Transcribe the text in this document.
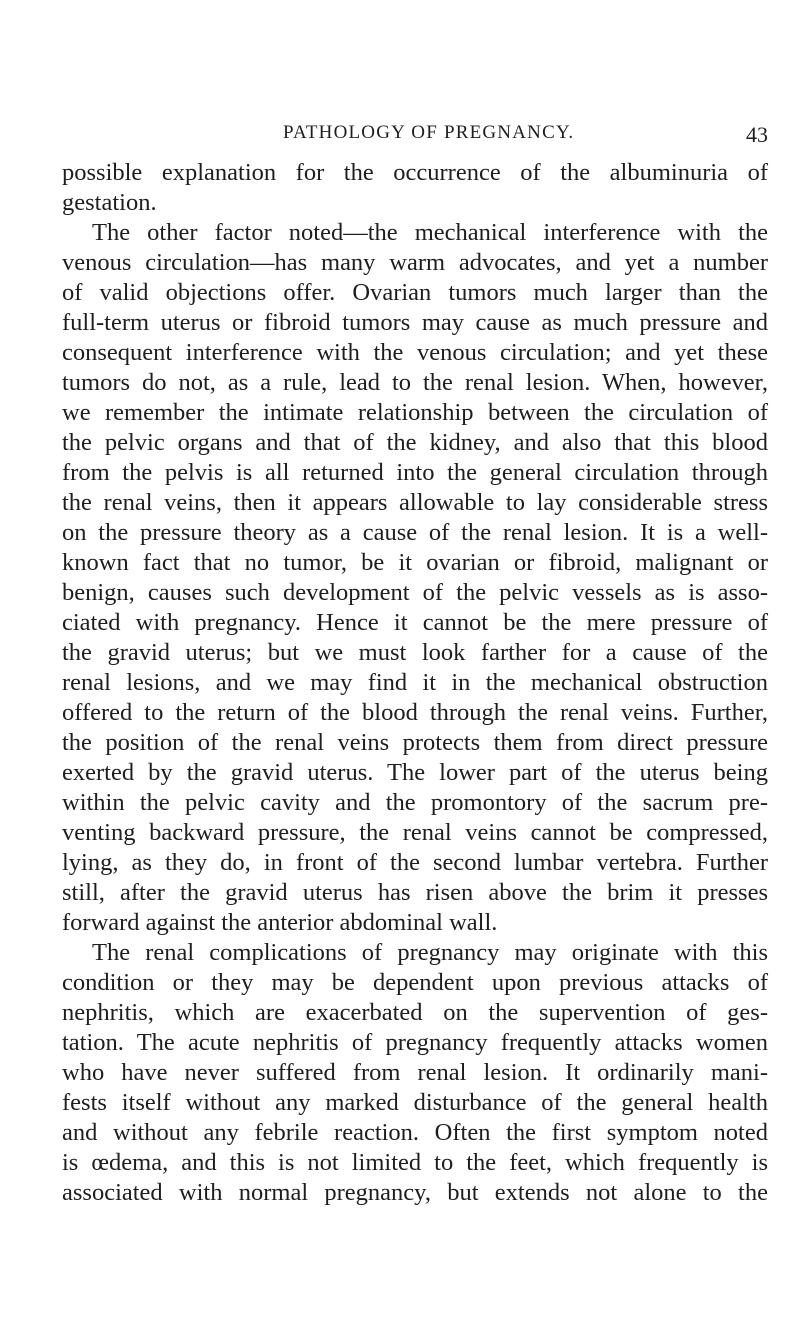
PATHOLOGY OF PREGNANCY.	43
possible explanation for the occurrence of the albuminuria of
gestation.
The other factor noted—the mechanical interference with the
venous circulation—has many warm advocates, and yet a number
of valid objections offer. Ovarian tumors much larger than the
full-term uterus or fibroid tumors may cause as much pressure and
consequent interference with the venous circulation; and yet these
tumors do not, as a rule, lead to the renal lesion. When, however,
we remember the intimate relationship between the circulation of
the pelvic organs and that of the kidney, and also that this blood
from the pelvis is all returned into the general circulation through
the renal veins, then it appears allowable to lay considerable stress
on the pressure theory as a cause of the renal lesion. It is a well-
known fact that no tumor, be it ovarian or fibroid, malignant or
benign, causes such development of the pelvic vessels as is asso-
ciated with pregnancy. Hence it cannot be the mere pressure of
the gravid uterus; but we must look farther for a cause of the
renal lesions, and we may find it in the mechanical obstruction
offered to the return of the blood through the renal veins. Further,
the position of the renal veins protects them from direct pressure
exerted by the gravid uterus. The lower part of the uterus being
within the pelvic cavity and the promontory of the sacrum pre-
venting backward pressure, the renal veins cannot be compressed,
lying, as they do, in front of the second lumbar vertebra. Further
still, after the gravid uterus has risen above the brim it presses
forward against the anterior abdominal wall.
The renal complications of pregnancy may originate with this
condition or they may be dependent upon previous attacks of
nephritis, which are exacerbated on the supervention of ges-
tation. The acute nephritis of pregnancy frequently attacks women
who have never suffered from renal lesion. It ordinarily mani-
fests itself without any marked disturbance of the general health
and without any febrile reaction. Often the first symptom noted
is œdema, and this is not limited to the feet, which frequently is
associated with normal pregnancy, but extends not alone to the
